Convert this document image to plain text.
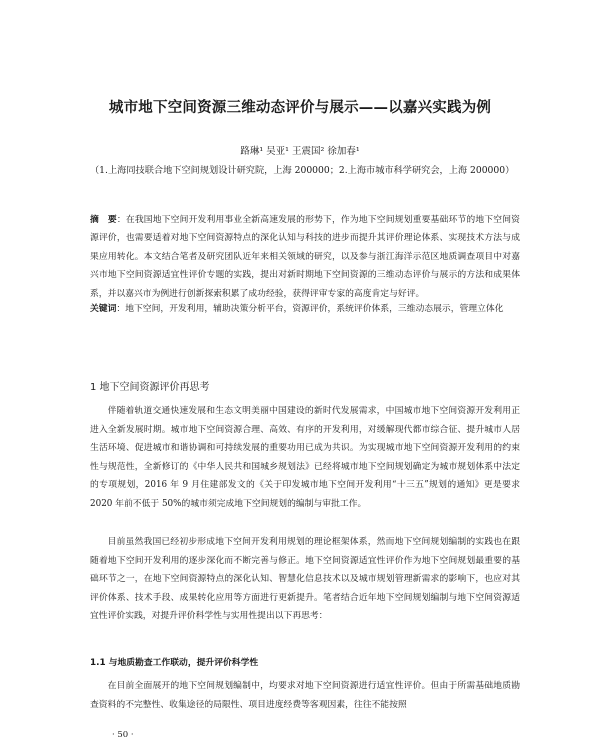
城市地下空间资源三维动态评价与展示——以嘉兴实践为例
路琳¹ 吴亚¹ 王震国² 徐加春¹
（1.上海同技联合地下空间规划设计研究院，上海 200000；2.上海市城市科学研究会，上海 200000）
摘　要：在我国地下空间开发利用事业全新高速发展的形势下，作为地下空间规划重要基础环节的地下空间资源评价，也需要适着对地下空间资源特点的深化认知与科技的进步而提升其评价理论体系、实现技术方法与成果应用转化。本文结合笔者及研究团队近年来相关领域的研究，以及参与浙江海洋示范区地质调查项目中对嘉兴市地下空间资源适宜性评价专题的实践，提出对新时期地下空间资源的三维动态评价与展示的方法和成果体系，并以嘉兴市为例进行创新探索积累了成功经验，获得评审专家的高度肯定与好评。
关键词：地下空间，开发利用，辅助决策分析平台，资源评价，系统评价体系，三维动态展示，管理立体化
1 地下空间资源评价再思考
伴随着轨道交通快速发展和生态文明美丽中国建设的新时代发展需求，中国城市地下空间资源开发利用正进入全新发展时期。城市地下空间资源合理、高效、有序的开发利用，对缓解现代都市综合征、提升城市人居生活环境、促进城市和谐协调和可持续发展的重要功用已成为共识。为实现城市地下空间资源开发利用的约束性与规范性，全新修订的《中华人民共和国城乡规划法》已经将城市地下空间规划确定为城市规划体系中法定的专项规划，2016 年 9 月住建部发文的《关于印发城市地下空间开发利用“十三五”规划的通知》更是要求 2020 年前不低于 50%的城市须完成地下空间规划的编制与审批工作。
目前虽然我国已经初步形成地下空间开发利用规划的理论框架体系，然而地下空间规划编制的实践也在跟随着地下空间开发利用的逐步深化而不断完善与修正。地下空间资源适宜性评价作为地下空间规划最重要的基础环节之一，在地下空间资源特点的深化认知、智慧化信息技术以及城市规划管理新需求的影响下，也应对其评价体系、技术手段、成果转化应用等方面进行更新提升。笔者结合近年地下空间规划编制与地下空间资源适宜性评价实践，对提升评价科学性与实用性提出以下再思考：
1.1 与地质勘查工作联动，提升评价科学性
在目前全面展开的地下空间规划编制中，均要求对地下空间资源进行适宜性评价。但由于所需基础地质勘查资料的不完整性、收集途径的局限性、项目进度经费等客观因素，往往不能按照
· 50 ·
